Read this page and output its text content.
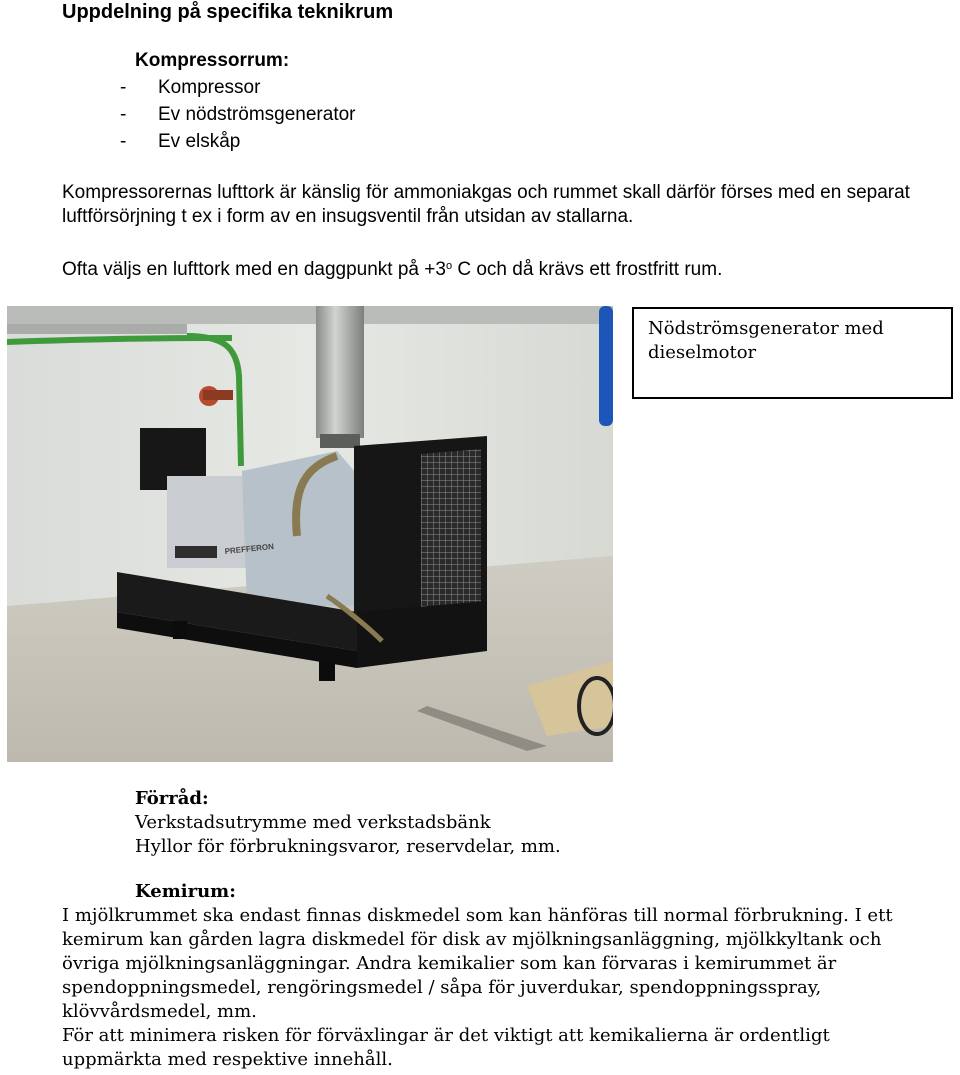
Uppdelning på specifika teknikrum
Kompressorrum:
- Kompressor
- Ev nödströmsgenerator
- Ev elskåp
Kompressorernas lufttork är känslig för ammoniakgas och rummet skall därför förses med en separat luftförsörjning t ex i form av en insugsventil från utsidan av stallarna.
Ofta väljs en lufttork med en daggpunkt på $+3^o$ C och då krävs ett frostfritt rum.
PREFFERON
Nödströmsgenerator med dieselmotor
Förråd:
Verkstadsutrymme med verkstadsbänk
Hyllor för förbrukningsvaror, reservdelar, mm.
Kemirum:

I mjölkrummet ska endast finnas diskmedel som kan hänföras till normal förbrukning. I ett kemirum kan gården lagra diskmedel för disk av mjölkningsanläggning, mjölkkyltank och övriga mjölkningsanläggningar. Andra kemikalier som kan förvaras i kemirummet är spendoppningsmedel, rengöringsmedel / såpa för juverdukar, spendoppningsspray, klövvårdsmedel, mm.

För att minimera risken för förväxlingar är det viktigt att kemikalierna är ordentligt uppmärkta med respektive innehåll.
